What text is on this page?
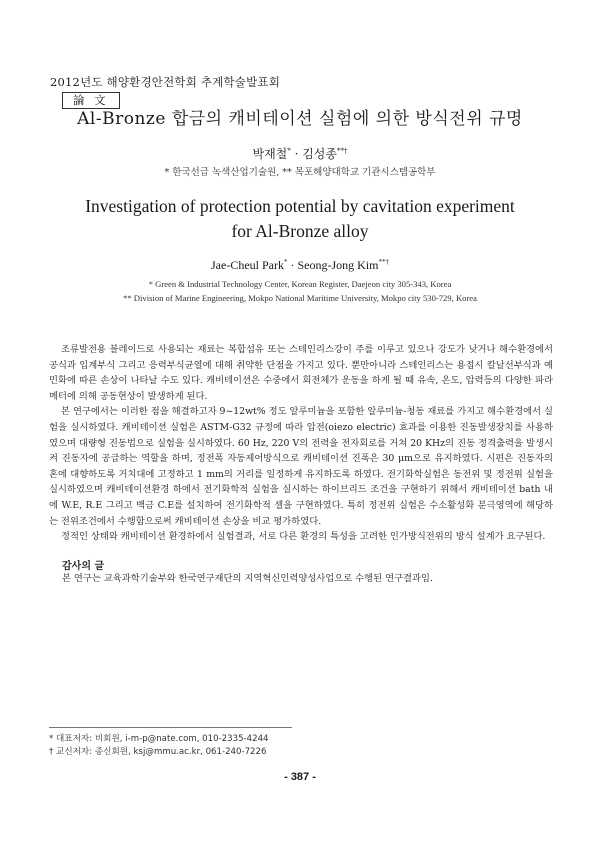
2012년도 해양환경안전학회 추계학술발표회
論 文
Al-Bronze 합금의 캐비테이션 실험에 의한 방식전위 규명
박재철* · 김성종**†
* 한국선급 녹색산업기술원, ** 목포해양대학교 기관시스템공학부
Investigation of protection potential by cavitation experiment
for Al-Bronze alloy
Jae-Cheul Park* · Seong-Jong Kim**†
* Green & Industrial Technology Center, Korean Register, Daejeon city 305-343, Korea
** Division of Marine Engineering, Mokpo National Maritime University, Mokpo city 530-729, Korea

조류발전용 블레이드로 사용되는 재료는 복합섬유 또는 스테인리스강이 주를 이루고 있으나 강도가 낮거나 해수환경에서 공식과 입계부식 그리고 응력부식균열에 대해 취약한 단점을 가지고 있다. 뿐만아니라 스테인리스는 용접시 칼날선부식과 예민화에 따른 손상이 나타날 수도 있다. 캐비테이션은 수중에서 회전체가 운동을 하게 될 때 유속, 온도, 압력등의 다양한 파라메터에 의해 공동현상이 발생하게 된다.

본 연구에서는 이러한 점을 해결하고자 9~12wt% 정도 알루미늄을 포함한 알루미늄-청동 재료를 가지고 해수환경에서 실험을 실시하였다. 캐비테이션 실험은 ASTM-G32 규정에 따라 압전(oiezo electric) 효과를 이용한 진동발생장치를 사용하였으며 대량형 진동법으로 실험을 실시하였다. 60 Hz, 220 V의 전력을 전자회로를 거쳐 20 KHz의 진동 정격출력을 발생시켜 진동자에 공급하는 역할을 하며, 정전폭 자동제어방식으로 캐비테이션 진폭은 30 μm으로 유지하였다. 시편은 진동자의 혼에 대향하도록 거치대에 고정하고 1 mm의 거리를 일정하게 유지하도록 하였다. 전기화학실험은 동전위 및 정전위 실험을 실시하였으며 캐비테이션환경 하에서 전기화학적 실험을 실시하는 하이브리드 조건을 구현하기 위해서 캐비테이션 bath 내에 W.E, R.E 그리고 백금 C.E를 설치하여 전기화학적 셀을 구현하였다. 특히 정전위 실험은 수소활성화 분극영역에 해당하는 전위조건에서 수행함으로써 캐비테이션 손상을 비교 평가하였다.

정적인 상태와 캐비테이션 환경하에서 실험결과, 서로 다른 환경의 특성을 고려한 인가방식전위의 방식 설계가 요구된다.

감사의 글
본 연구는 교육과학기술부와 한국연구재단의 지역혁신인력양성사업으로 수행된 연구결과임.
* 대표저자: 비회원, i-m-p@nate.com, 010-2335-4244
† 교신저자: 종신회원, ksj@mmu.ac.kr, 061-240-7226
- 387 -
